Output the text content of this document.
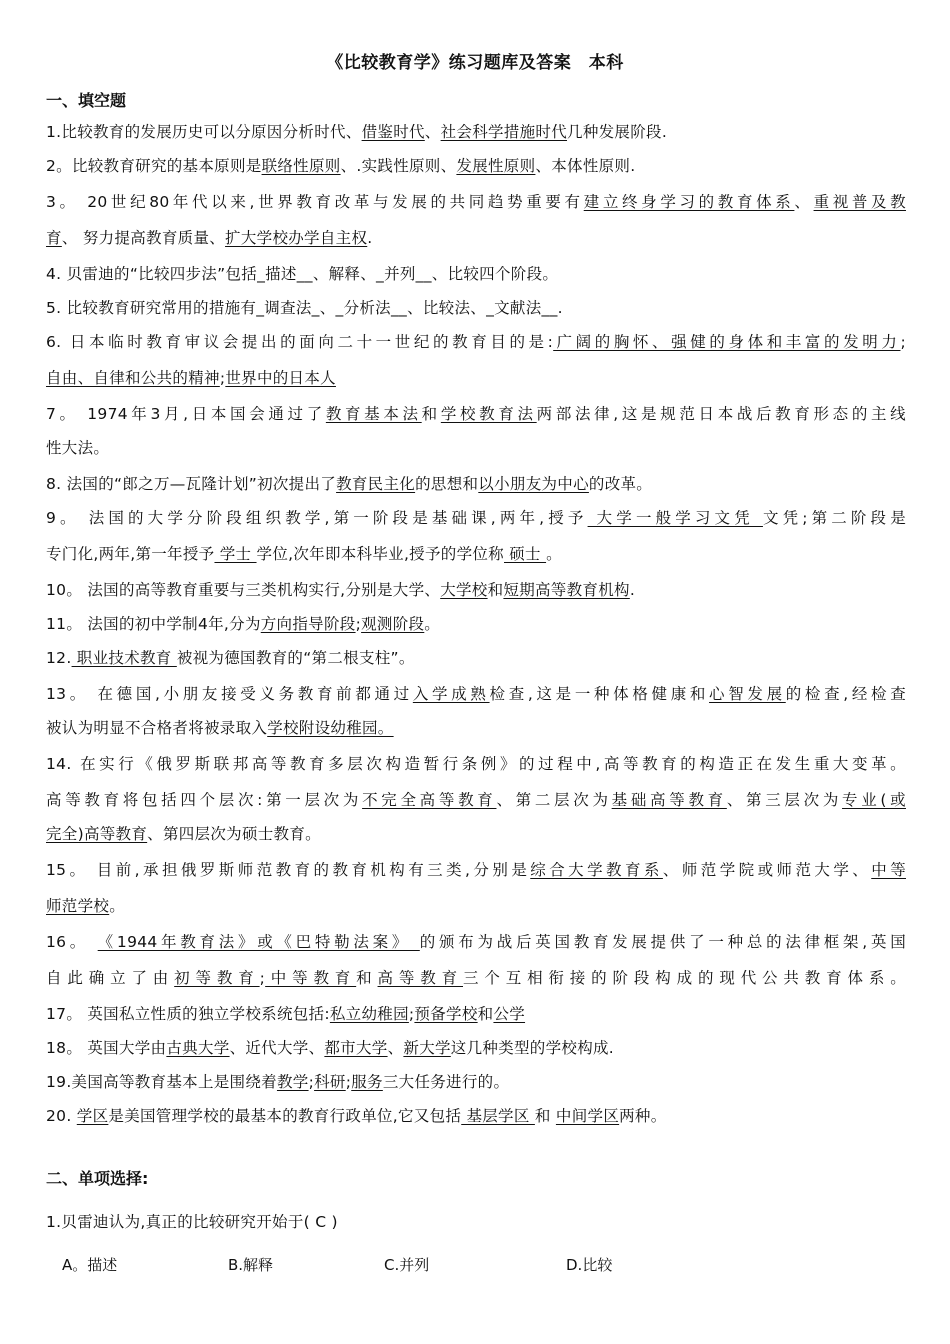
《比较教育学》练习题库及答案　本科
一、填空题
1.比较教育的发展历史可以分原因分析时代、借鉴时代、社会科学措施时代几种发展阶段.
2。比较教育研究的基本原则是联络性原则、.实践性原则、发展性原则、本体性原则.
3。 20世纪80年代以来,世界教育改革与发展的共同趋势重要有建立终身学习的教育体系、重视普及教
育、 努力提高教育质量、扩大学校办学自主权.
4. 贝雷迪的“比较四步法”包括_描述__、解释、_并列__、比较四个阶段。
5. 比较教育研究常用的措施有_调查法_、_分析法__、比较法、_文献法__.
6. 日本临时教育审议会提出的面向二十一世纪的教育目的是:广阔的胸怀、强健的身体和丰富的发明力;
自由、自律和公共的精神;世界中的日本人
7。 1974年3月,日本国会通过了教育基本法和学校教育法两部法律,这是规范日本战后教育形态的主线
性大法。
8. 法国的“郎之万—瓦隆计划”初次提出了教育民主化的思想和以小朋友为中心的改革。
9。 法国的大学分阶段组织教学,第一阶段是基础课,两年,授予 大学一般学习文凭 文凭;第二阶段是
专门化,两年,第一年授予 学士 学位,次年即本科毕业,授予的学位称 硕士 。
10。 法国的高等教育重要与三类机构实行,分别是大学、大学校和短期高等教育机构.
11。 法国的初中学制4年,分为方向指导阶段;观测阶段。
12. 职业技术教育 被视为德国教育的“第二根支柱”。
13。 在德国,小朋友接受义务教育前都通过入学成熟检查,这是一种体格健康和心智发展的检查,经检查
被认为明显不合格者将被录取入学校附设幼稚园。
14. 在实行《俄罗斯联邦高等教育多层次构造暂行条例》的过程中,高等教育的构造正在发生重大变革。
高等教育将包括四个层次:第一层次为不完全高等教育、第二层次为基础高等教育、第三层次为专业(或
完全)高等教育、第四层次为硕士教育。
15。 目前,承担俄罗斯师范教育的教育机构有三类,分别是综合大学教育系、师范学院或师范大学、中等
师范学校。
16。 《1944年教育法》或《巴特勒法案》 的颁布为战后英国教育发展提供了一种总的法律框架,英国
自此确立了由初等教育;中等教育和高等教育三个互相衔接的阶段构成的现代公共教育体系。
17。 英国私立性质的独立学校系统包括:私立幼稚园;预备学校和公学
18。 英国大学由古典大学、近代大学、都市大学、新大学这几种类型的学校构成.
19.美国高等教育基本上是围绕着教学;科研;服务三大任务进行的。
20. 学区是美国管理学校的最基本的教育行政单位,它又包括 基层学区 和 中间学区两种。
二、单项选择:
1.贝雷迪认为,真正的比较研究开始于( C )
A。描述	B.解释	C.并列	D.比较
